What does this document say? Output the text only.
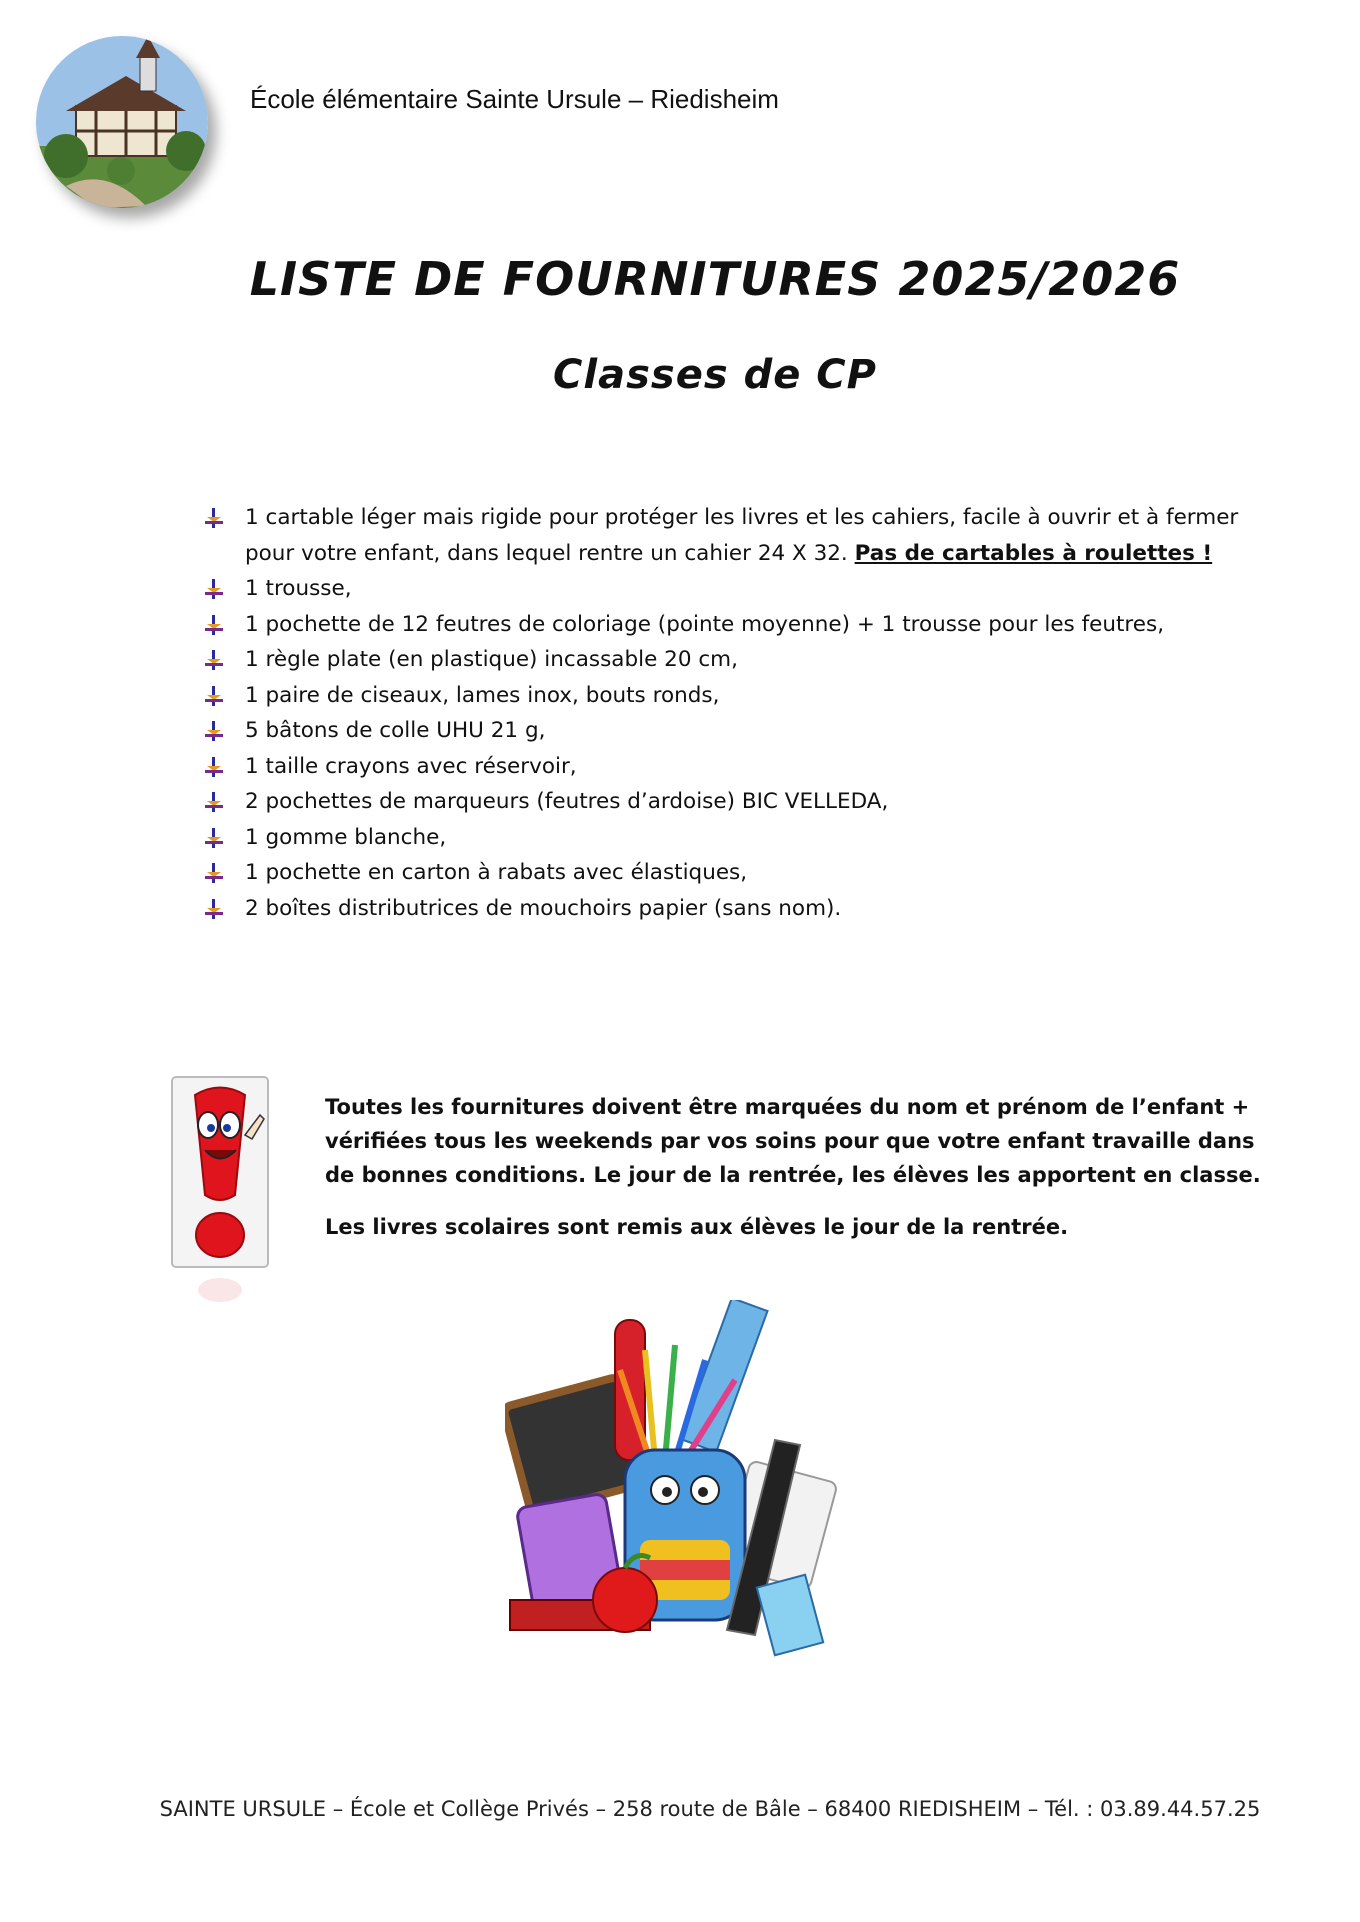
École élémentaire Sainte Ursule – Riedisheim
LISTE DE FOURNITURES 2025/2026
Classes de CP
1 cartable léger mais rigide pour protéger les livres et les cahiers, facile à ouvrir et à fermer pour votre enfant, dans lequel rentre un cahier 24 X 32. Pas de cartables à roulettes !
1 trousse,
1 pochette de 12 feutres de coloriage (pointe moyenne) + 1 trousse pour les feutres,
1 règle plate (en plastique) incassable 20 cm,
1 paire de ciseaux, lames inox, bouts ronds,
5 bâtons de colle UHU 21 g,
1 taille crayons avec réservoir,
2 pochettes de marqueurs (feutres d’ardoise) BIC VELLEDA,
1 gomme blanche,
1 pochette en carton à rabats avec élastiques,
2 boîtes distributrices de mouchoirs papier (sans nom).

Toutes les fournitures doivent être marquées du nom et prénom de l’enfant + vérifiées tous les weekends par vos soins pour que votre enfant travaille dans de bonnes conditions. Le jour de la rentrée, les élèves les apportent en classe.

Les livres scolaires sont remis aux élèves le jour de la rentrée.

SAINTE URSULE – École et Collège Privés – 258 route de Bâle – 68400 RIEDISHEIM – Tél. : 03.89.44.57.25
